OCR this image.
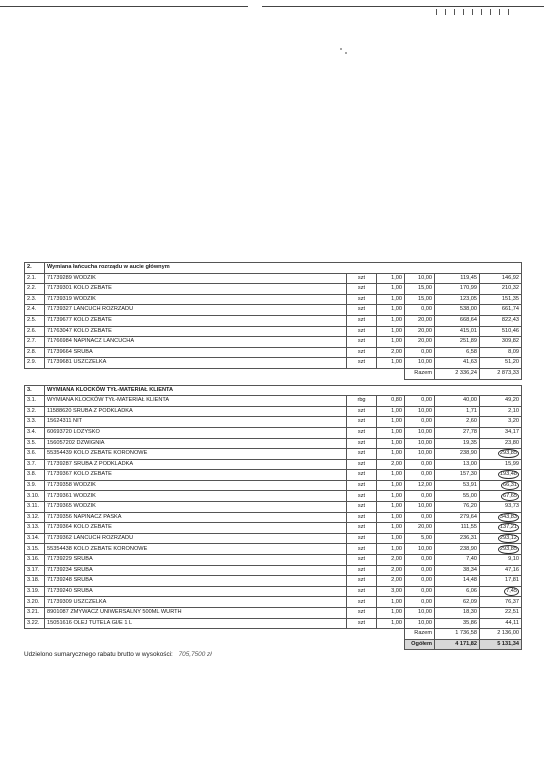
2.	Wymiana łańcucha rozrządu w aucie głównym					
2.1.	71739289 WODZIK	szt	1,00	10,00	119,45	146,92
2.2.	71739301 KOLO ZEBATE	szt	1,00	15,00	170,99	210,32
2.3.	71739319 WODZIK	szt	1,00	15,00	123,05	151,35
2.4.	71739327 LANCUCH ROZRZADU	szt	1,00	0,00	538,00	661,74
2.5.	71739677 KOLO ZEBATE	szt	1,00	20,00	668,64	822,43
2.6.	71763047 KOLO ZEBATE	szt	1,00	20,00	415,01	510,46
2.7.	71766984 NAPINACZ LANCUCHA	szt	1,00	20,00	251,89	309,82
2.8.	71739664 SRUBA	szt	2,00	0,00	6,58	8,09
2.9.	71739681 USZCZELKA	szt	1,00	10,00	41,63	51,20
				Razem	2 336,24	2 873,33

3.	WYMIANA KLOCKÓW TYŁ-MATERIAŁ KLIENTA					
3.1.	WYMIANA KLOCKÓW TYŁ-MATERIAŁ KLIENTA	rbg	0,80	0,00	40,00	49,20
3.2.	11588620 SRUBA Z PODKLADKA	szt	1,00	10,00	1,71	2,10
3.3.	15624311 NIT	szt	1,00	0,00	2,60	3,20
3.4.	60693720 LOZYSKO	szt	1,00	10,00	27,78	34,17
3.5.	156057202 DZWIGNIA	szt	1,00	10,00	19,35	23,80
3.6.	55354439 KOLO ZEBATE KORONOWE	szt	1,00	10,00	238,90	293,85
3.7.	71739287 SRUBA Z PODKLADKA	szt	2,00	0,00	13,00	15,99
3.8.	71739367 KOLO ZEBATE	szt	1,00	0,00	157,30	193,48
3.9.	71739358 WODZIK	szt	1,00	12,00	53,91	66,31
3.10.	71739361 WODZIK	szt	1,00	0,00	55,00	67,65
3.11.	71739365 WODZIK	szt	1,00	10,00	76,20	93,73
3.12.	71739356 NAPINACZ PASKA	szt	1,00	0,00	279,64	343,83
3.13.	71739364 KOLO ZEBATE	szt	1,00	20,00	111,55	137,21
3.14.	71739362 LANCUCH ROZRZADU	szt	1,00	5,00	236,31	293,12
3.15.	55354438 KOLO ZEBATE KORONOWE	szt	1,00	10,00	238,90	293,85
3.16.	71739229 SRUBA	szt	2,00	0,00	7,40	9,10
3.17.	71739234 SRUBA	szt	2,00	0,00	38,34	47,16
3.18.	71739248 SRUBA	szt	2,00	0,00	14,48	17,81
3.19.	71739240 SRUBA	szt	3,00	0,00	6,06	7,45
3.20.	71739309 USZCZELKA	szt	1,00	0,00	62,09	76,37
3.21.	8901087 ZMYWACZ UNIWERSALNY 500ML WURTH	szt	1,00	10,00	18,30	22,51
3.22.	15051616 OLEJ TUTELA GI/E 1 L	szt	1,00	10,00	35,86	44,11
				Razem	1 736,58	2 136,00
				Ogółem	4 171,82	5 131,34
Udzielono sumarycznego rabatu brutto w wysokości: 705,7500 zł
